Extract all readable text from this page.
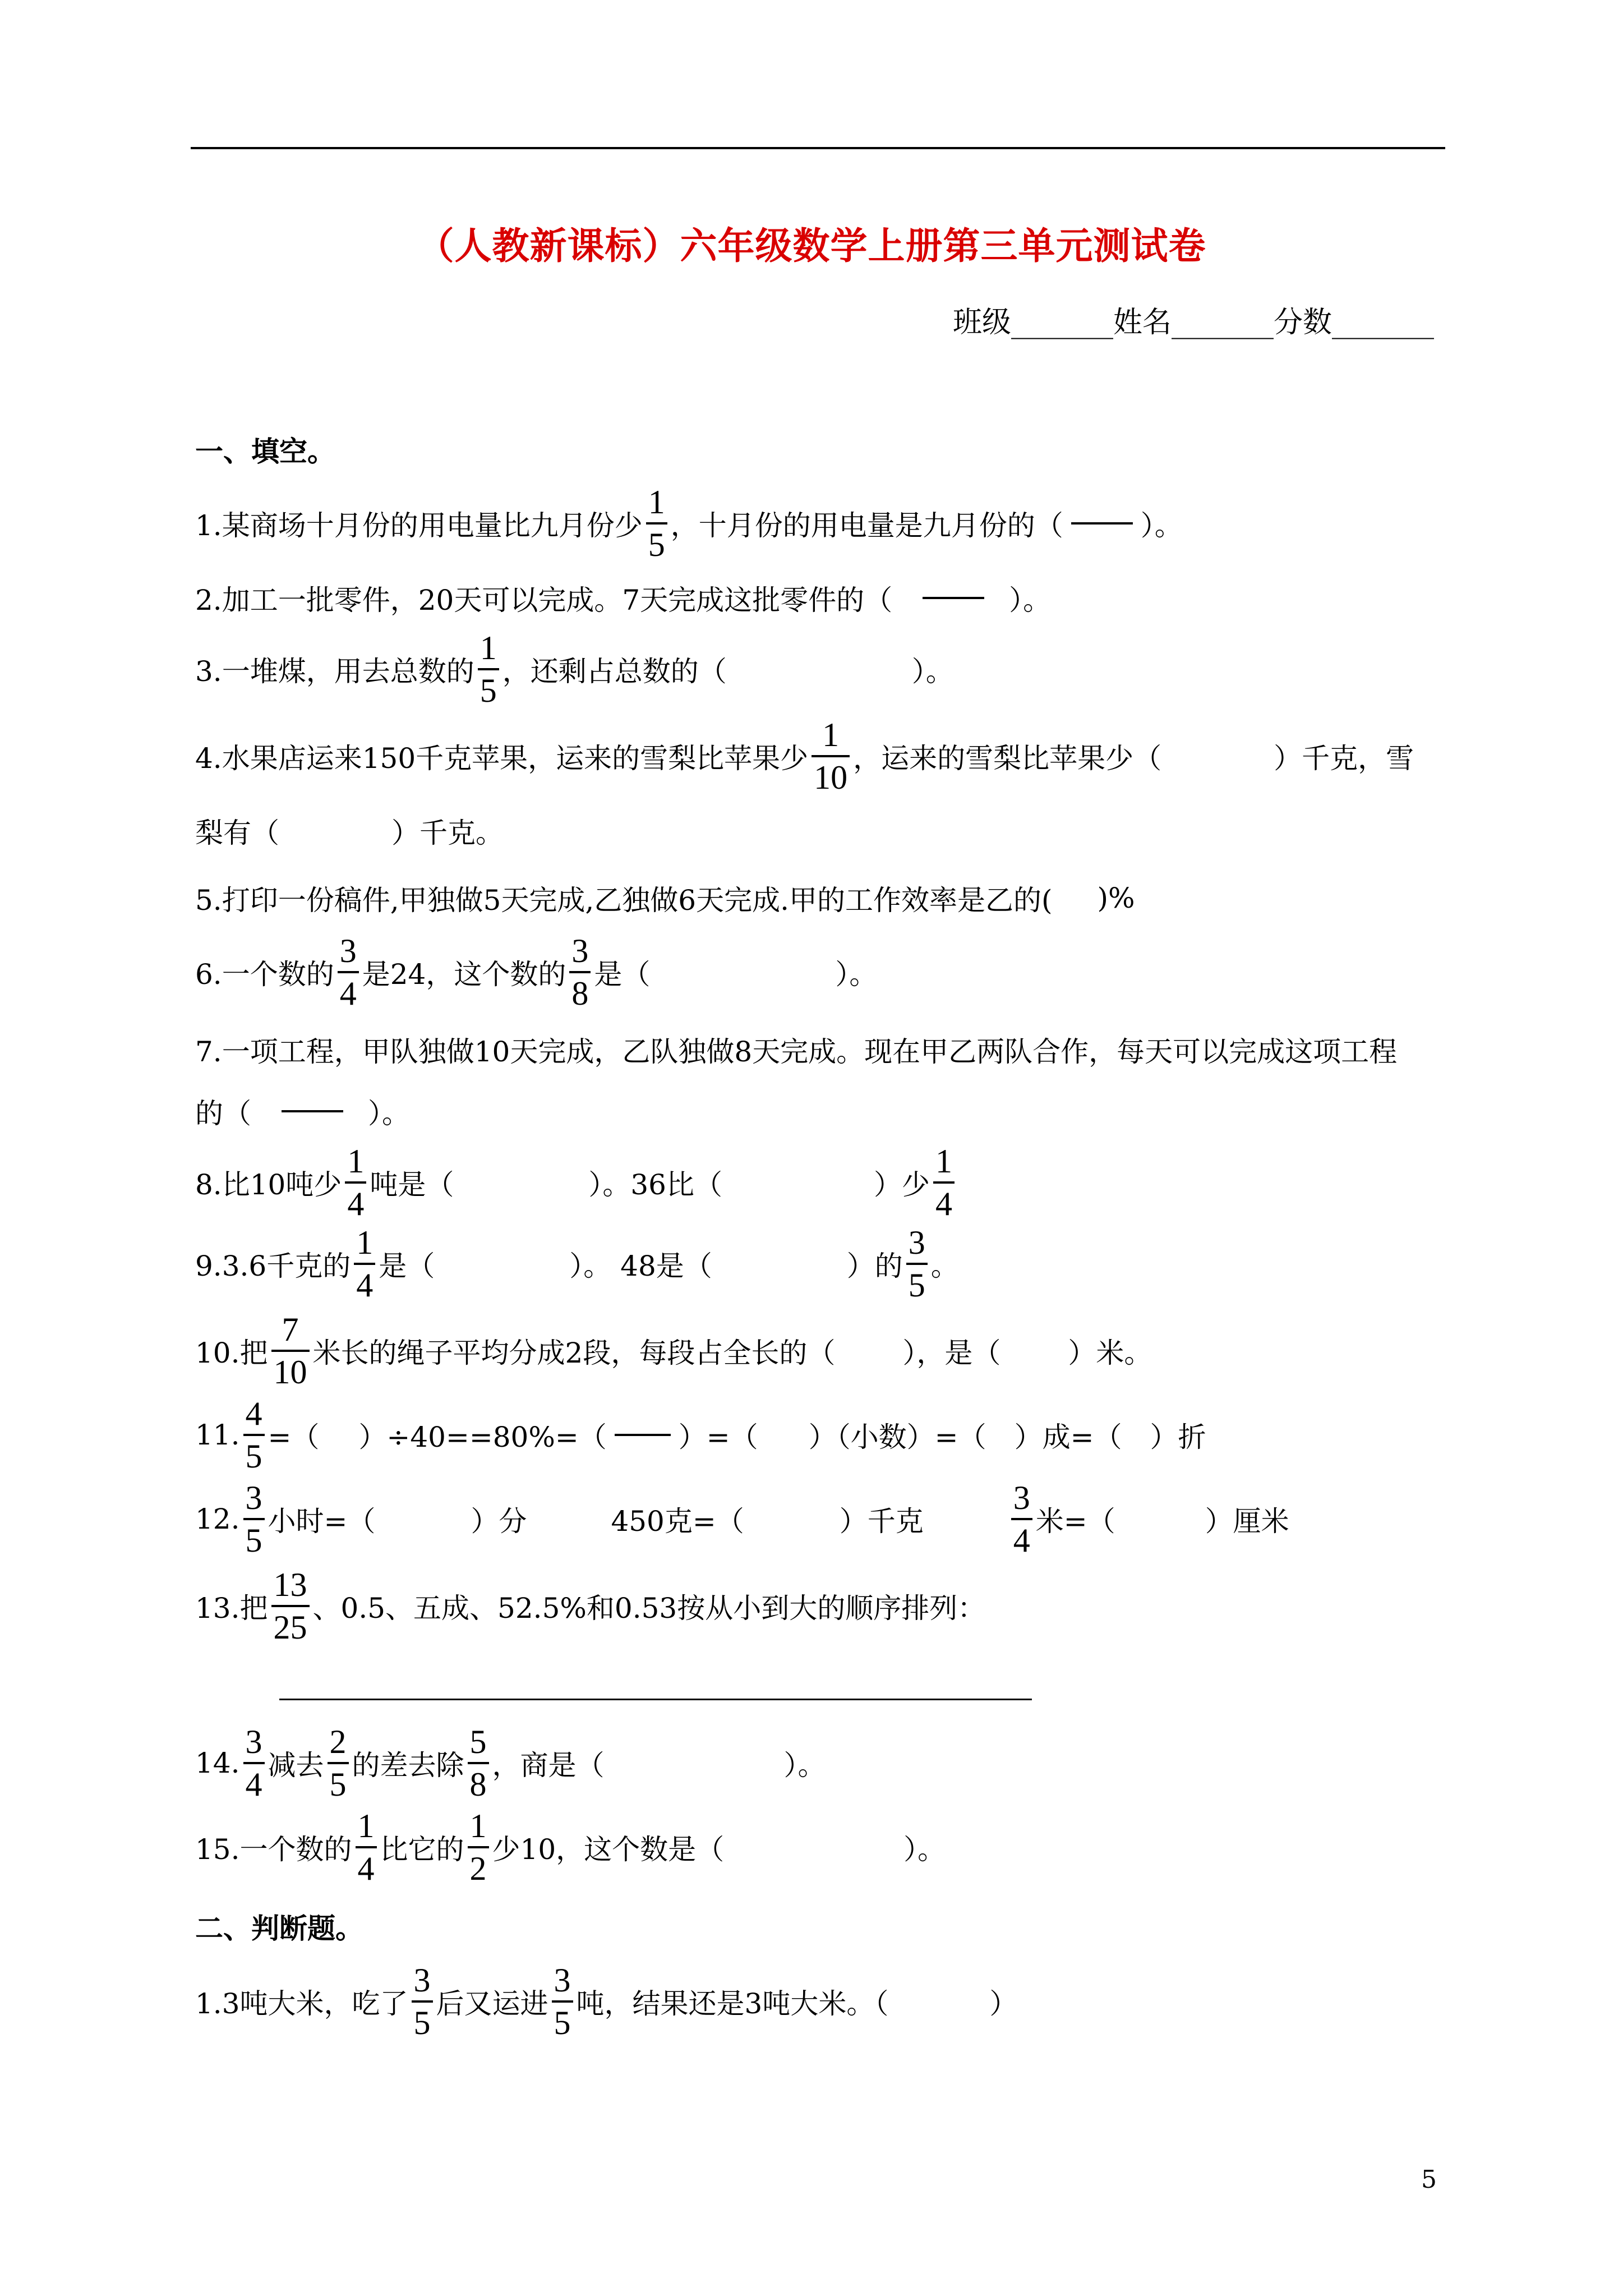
（人教新课标）六年级数学上册第三单元测试卷
班级_______姓名_______分数_______
一、填空。
1.某商场十月份的用电量比九月份少 $\frac{1}{5}$ ，十月份的用电量是九月份的（	）。
2.加工一批零件，20天可以完成。7天完成这批零件的（	）。
3.一堆煤，用去总数的 $\frac{1}{5}$ ，还剩占总数的（	）。
4.水果店运来150千克苹果，运来的雪梨比苹果少 $\frac{1}{10}$ ，运来的雪梨比苹果少（	）千克，雪
梨有（	）千克。
5.打印一份稿件,甲独做5天完成,乙独做6天完成.甲的工作效率是乙的( )%
6.一个数的 $\frac{3}{4}$ 是24，这个数的 $\frac{3}{8}$ 是（	）。
7.一项工程，甲队独做10天完成，乙队独做8天完成。现在甲乙两队合作，每天可以完成这项工程
的（	）。
8.比10吨少 $\frac{1}{4}$ 吨是（	）。36比（	）少 $\frac{1}{4}$
9.3.6千克的 $\frac{1}{4}$ 是（	）。 48是（	）的 $\frac{3}{5}$ 。
10.把 $\frac{7}{10}$ 米长的绳子平均分成2段，每段占全长的（ ），是（ ）米。
11. $\frac{4}{5}$ =（ ）÷40==80%=（	）=（ ）（小数）=（ ）成=（ ）折
12. $\frac{3}{5}$ 小时=（	）分	450克=（	）千克	$\frac{3}{4}$ 米=（	）厘米
13.把 $\frac{13}{25}$ 、0.5、五成、52.5%和0.53按从小到大的顺序排列：
14. $\frac{3}{4}$ 减去 $\frac{2}{5}$ 的差去除 $\frac{5}{8}$ ，商是（	）。
15.一个数的 $\frac{1}{4}$ 比它的 $\frac{1}{2}$ 少10，这个数是（	）。
二、判断题。
1.3吨大米，吃了 $\frac{3}{5}$ 后又运进 $\frac{3}{5}$ 吨，结果还是3吨大米。（	）
5
